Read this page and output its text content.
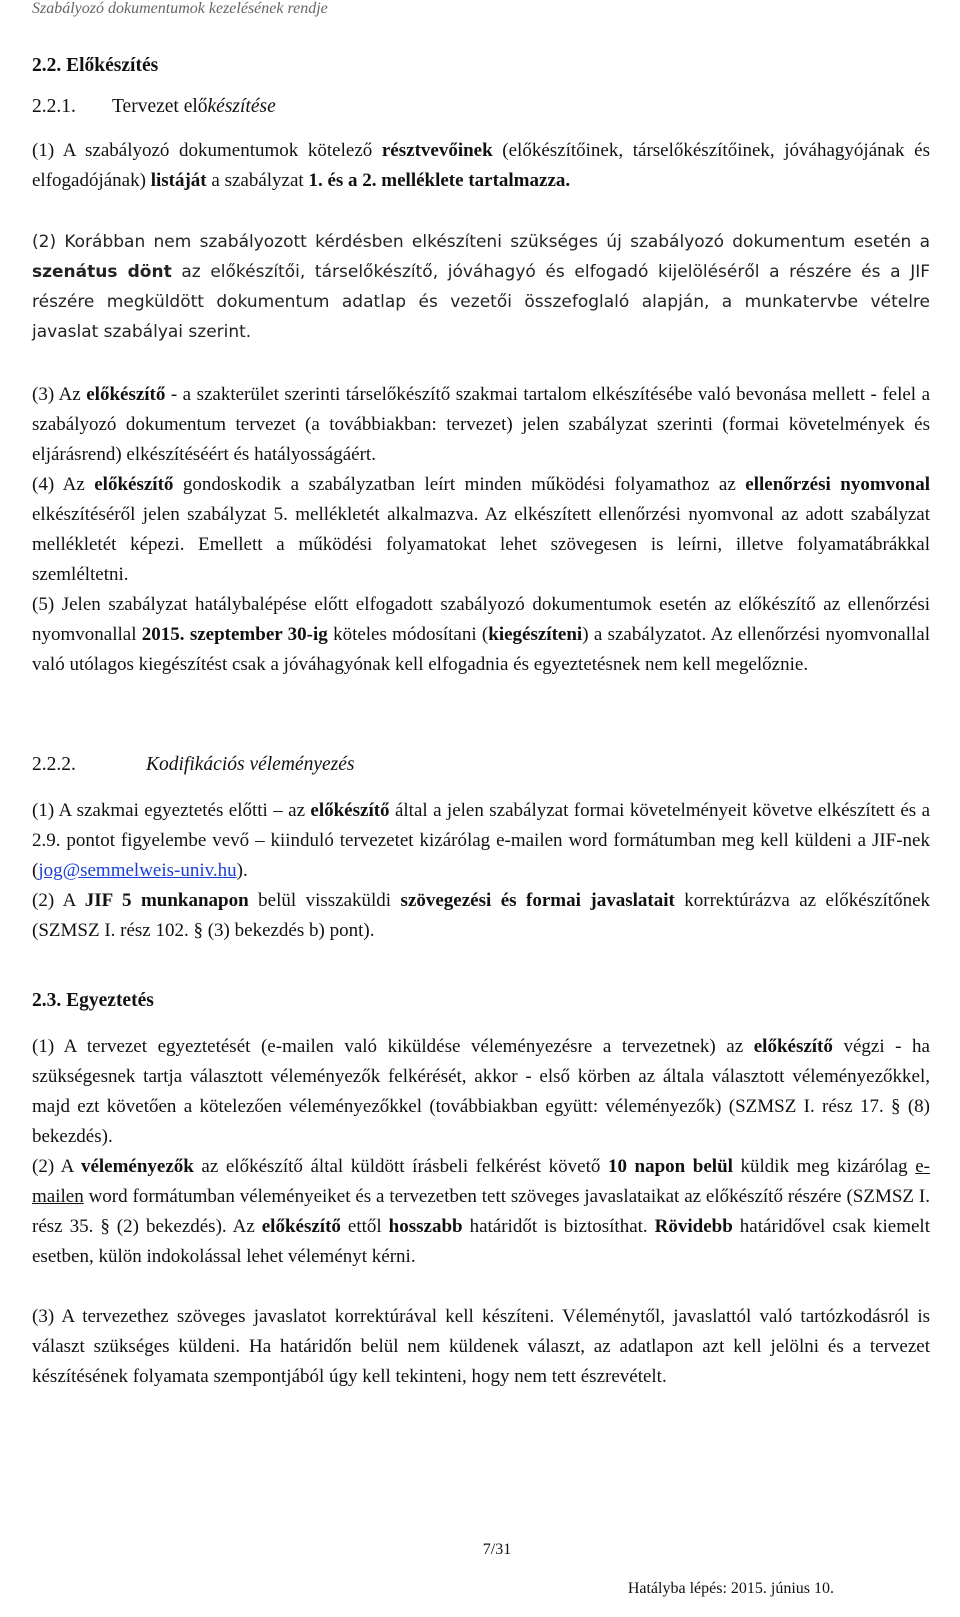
Szabályozó dokumentumok kezelésének rendje
2.2. Előkészítés
2.2.1. Tervezet előkészítése

(1) A szabályozó dokumentumok kötelező résztvevőinek (előkészítőinek, társelőkészítőinek, jóváhagyójának és elfogadójának) listáját a szabályzat 1. és a 2. melléklete tartalmazza.

(2) Korábban nem szabályozott kérdésben elkészíteni szükséges új szabályozó dokumentum esetén a szenátus dönt az előkészítői, társelőkészítő, jóváhagyó és elfogadó kijelöléséről a részére és a JIF részére megküldött dokumentum adatlap és vezetői összefoglaló alapján, a munkatervbe vételre javaslat szabályai szerint.

(3) Az előkészítő - a szakterület szerinti társelőkészítő szakmai tartalom elkészítésébe való bevonása mellett - felel a szabályozó dokumentum tervezet (a továbbiakban: tervezet) jelen szabályzat szerinti (formai követelmények és eljárásrend) elkészítéséért és hatályosságáért.

(4) Az előkészítő gondoskodik a szabályzatban leírt minden működési folyamathoz az ellenőrzési nyomvonal elkészítéséről jelen szabályzat 5. mellékletét alkalmazva. Az elkészített ellenőrzési nyomvonal az adott szabályzat mellékletét képezi. Emellett a működési folyamatokat lehet szövegesen is leírni, illetve folyamatábrákkal szemléltetni.

(5) Jelen szabályzat hatálybalépése előtt elfogadott szabályozó dokumentumok esetén az előkészítő az ellenőrzési nyomvonallal 2015. szeptember 30-ig köteles módosítani (kiegészíteni) a szabályzatot. Az ellenőrzési nyomvonallal való utólagos kiegészítést csak a jóváhagyónak kell elfogadnia és egyeztetésnek nem kell megelőznie.

2.2.2.	Kodifikációs véleményezés

(1) A szakmai egyeztetés előtti – az előkészítő által a jelen szabályzat formai követelményeit követve elkészített és a 2.9. pontot figyelembe vevő – kiinduló tervezetet kizárólag e-mailen word formátumban meg kell küldeni a JIF-nek (jog@semmelweis-univ.hu).

(2) A JIF 5 munkanapon belül visszaküldi szövegezési és formai javaslatait korrektúrázva az előkészítőnek (SZMSZ I. rész 102. § (3) bekezdés b) pont).

2.3. Egyeztetés

(1) A tervezet egyeztetését (e-mailen való kiküldése véleményezésre a tervezetnek) az előkészítő végzi - ha szükségesnek tartja választott véleményezők felkérését, akkor - első körben az általa választott véleményezőkkel, majd ezt követően a kötelezően véleményezőkkel (továbbiakban együtt: véleményezők) (SZMSZ I. rész 17. § (8) bekezdés).

(2) A véleményezők az előkészítő által küldött írásbeli felkérést követő 10 napon belül küldik meg kizárólag e-mailen word formátumban véleményeiket és a tervezetben tett szöveges javaslataikat az előkészítő részére (SZMSZ I. rész 35. § (2) bekezdés). Az előkészítő ettől hosszabb határidőt is biztosíthat. Rövidebb határidővel csak kiemelt esetben, külön indokolással lehet véleményt kérni.

(3) A tervezethez szöveges javaslatot korrektúrával kell készíteni. Véleménytől, javaslattól való tartózkodásról is választ szükséges küldeni. Ha határidőn belül nem küldenek választ, az adatlapon azt kell jelölni és a tervezet készítésének folyamata szempontjából úgy kell tekinteni, hogy nem tett észrevételt.

7/31
Hatályba lépés: 2015. június 10.
